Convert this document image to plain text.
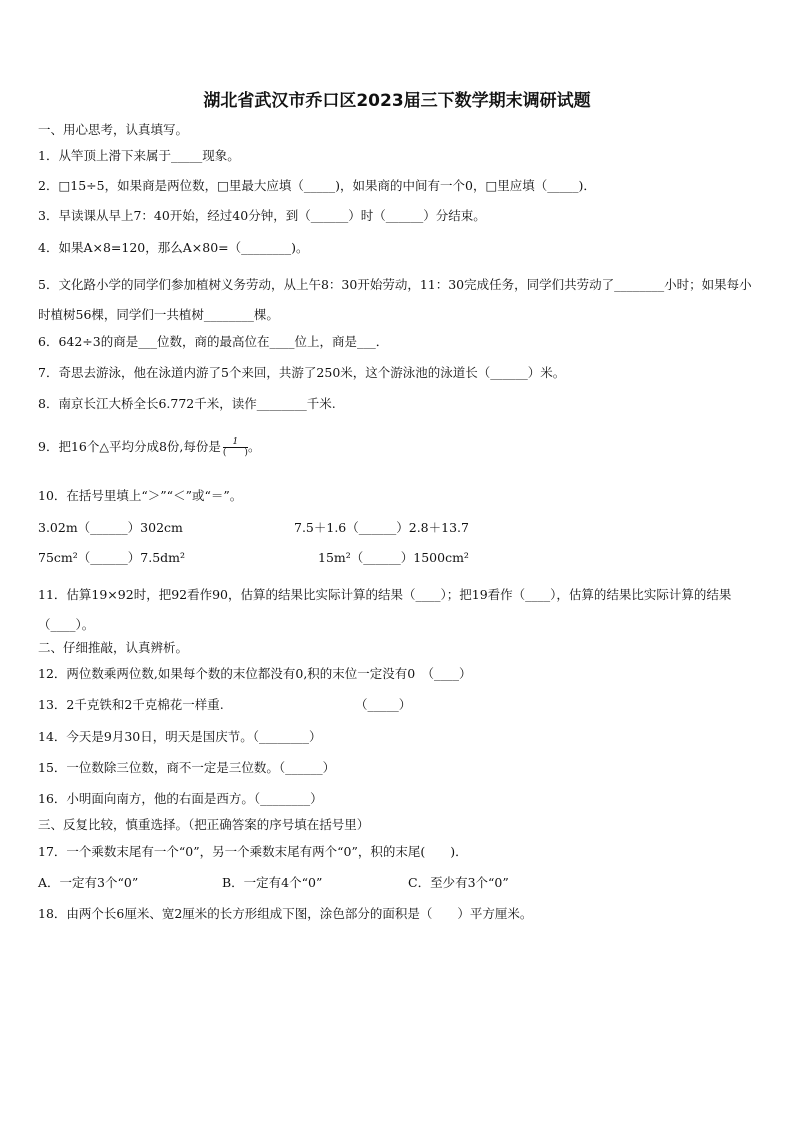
湖北省武汉市乔口区2023届三下数学期末调研试题
一、用心思考，认真填写。
1．从竿顶上滑下来属于_____现象。
2．□15÷5，如果商是两位数，□里最大应填（_____)，如果商的中间有一个0，□里应填（_____)．
3．早读课从早上7：40开始，经过40分钟，到（______）时（______）分结束。
4．如果A×8=120，那么A×80=（________)。
5．文化路小学的同学们参加植树义务劳动，从上午8：30开始劳动，11：30完成任务，同学们共劳动了________小时；如果每小时植树56棵，同学们一共植树________棵。
6．642÷3的商是___位数，商的最高位在____位上，商是___．
7．奇思去游泳，他在泳道内游了5个来回，共游了250米，这个游泳池的泳道长（______）米。
8．南京长江大桥全长6.772千米，读作________千米.
9．把16个△平均分成8份,每份是 $\frac{1}{( )}$ 。
10．在括号里填上“＞”“＜”或“＝”。
3.02m（______）302cm	7.5＋1.6（______）2.8＋13.7
75cm²（______）7.5dm²	15m²（______）1500cm²
11．估算19×92时，把92看作90，估算的结果比实际计算的结果（____）；把19看作（____），估算的结果比实际计算的结果（____）。
二、仔细推敲，认真辨析。
12．两位数乘两位数,如果每个数的末位都没有0,积的末位一定没有0　（____）
13．2千克铁和2千克棉花一样重.　　　　　　　　　　　（_____）
14．今天是9月30日，明天是国庆节。（________）
15．一位数除三位数，商不一定是三位数。（______）
16．小明面向南方，他的右面是西方。（________）
三、反复比较，慎重选择。（把正确答案的序号填在括号里）
17．一个乘数末尾有一个“0”，另一个乘数末尾有两个“0”，积的末尾(　　)．
A．一定有3个“0”	B．一定有4个“0”	C．至少有3个“0”
18．由两个长6厘米、宽2厘米的长方形组成下图，涂色部分的面积是（　　）平方厘米。
